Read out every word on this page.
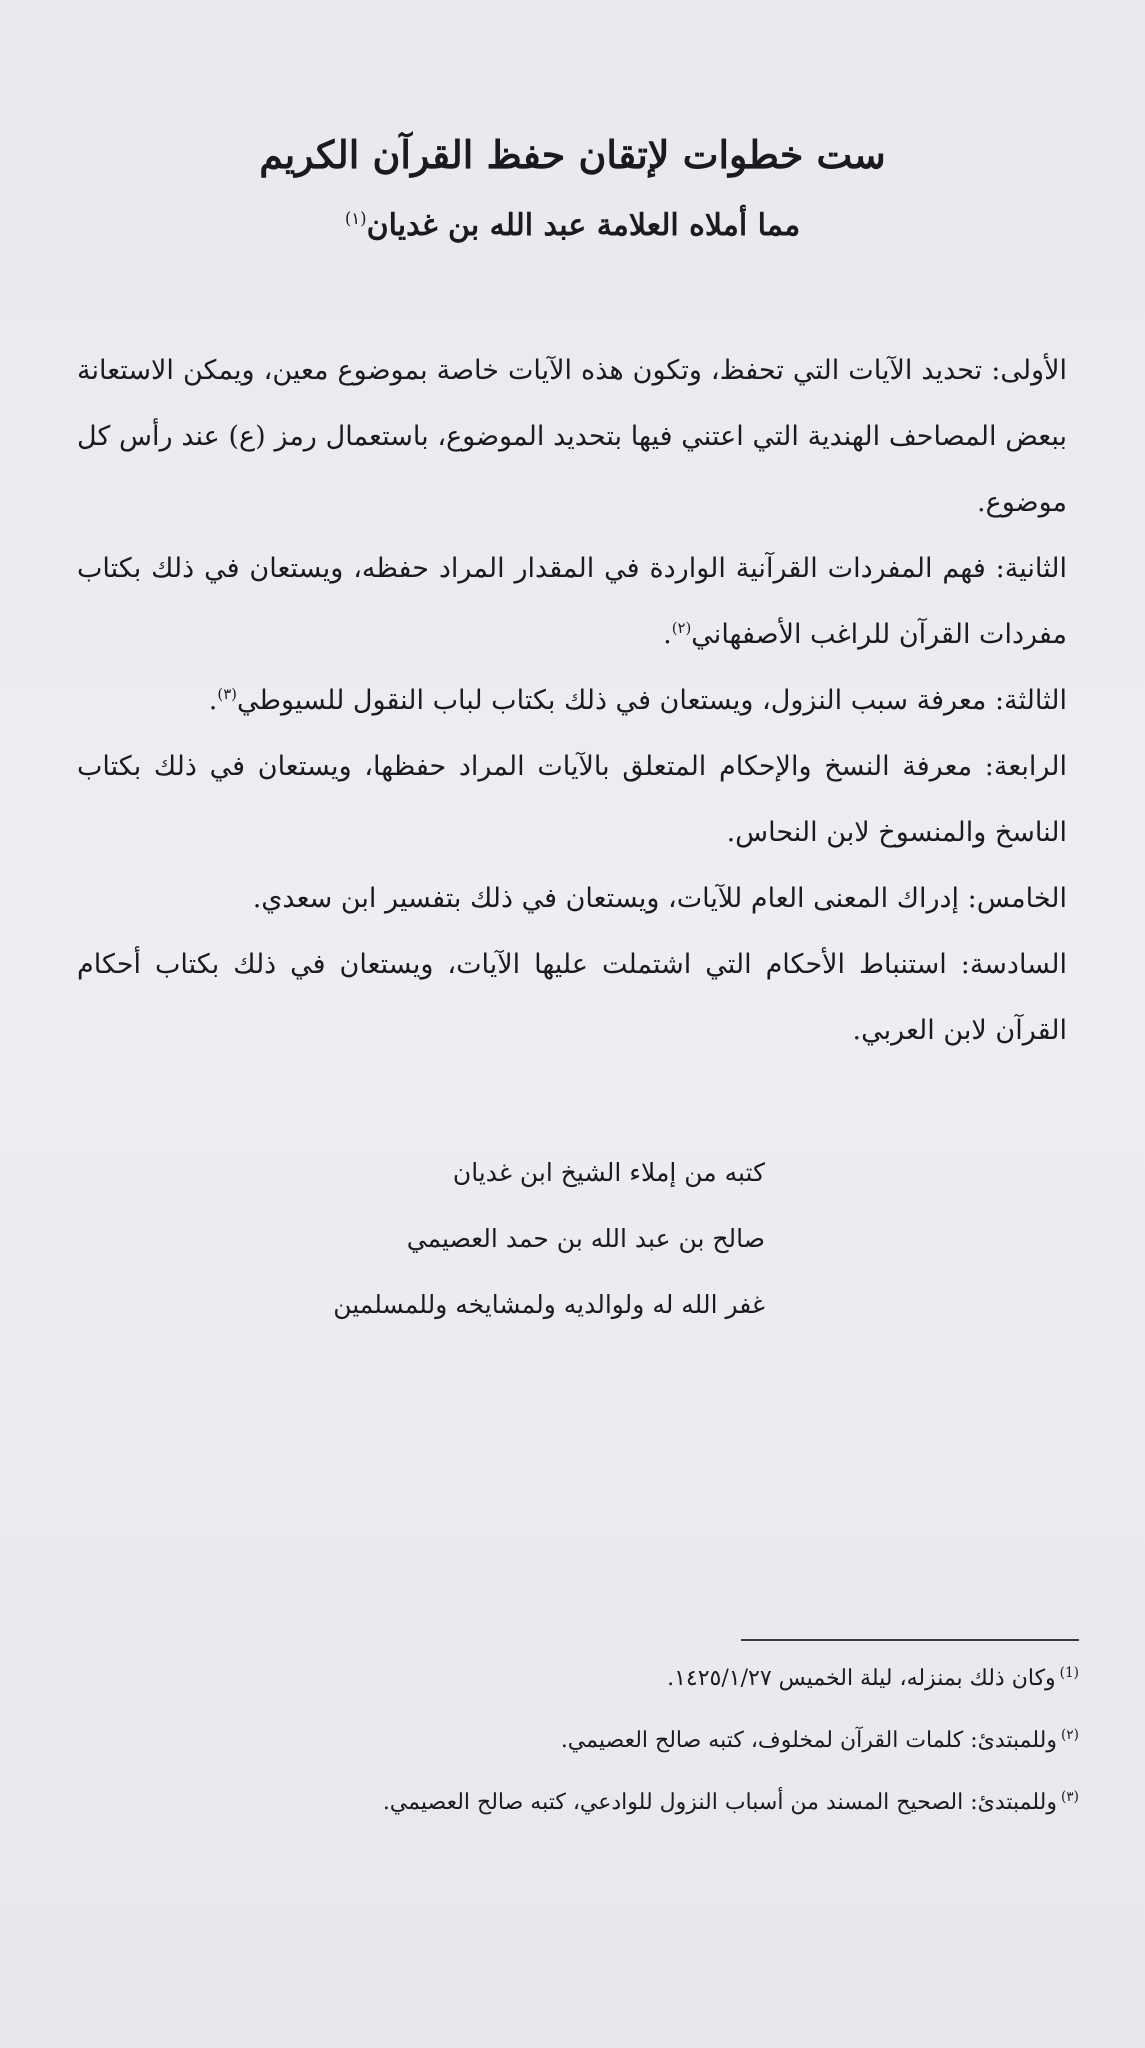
ست خطوات لإتقان حفظ القرآن الكريم
مما أملاه العلامة عبد الله بن غديان$^{(١)}$

الأولى: تحديد الآيات التي تحفظ، وتكون هذه الآيات خاصة بموضوع معين، ويمكن الاستعانة ببعض المصاحف الهندية التي اعتني فيها بتحديد الموضوع، باستعمال رمز (ع) عند رأس كل موضوع.

الثانية: فهم المفردات القرآنية الواردة في المقدار المراد حفظه، ويستعان في ذلك بكتاب مفردات القرآن للراغب الأصفهاني$^{(٢)}$.

الثالثة: معرفة سبب النزول، ويستعان في ذلك بكتاب لباب النقول للسيوطي$^{(٣)}$.

الرابعة: معرفة النسخ والإحكام المتعلق بالآيات المراد حفظها، ويستعان في ذلك بكتاب الناسخ والمنسوخ لابن النحاس.

الخامس: إدراك المعنى العام للآيات، ويستعان في ذلك بتفسير ابن سعدي.

السادسة: استنباط الأحكام التي اشتملت عليها الآيات، ويستعان في ذلك بكتاب أحكام القرآن لابن العربي.

كتبه من إملاء الشيخ ابن غديان
صالح بن عبد الله بن حمد العصيمي
غفر الله له ولوالديه ولمشايخه وللمسلمين
$^{(1)}$وكان ذلك بمنزله، ليلة الخميس ١٤٢٥/١/٢٧.
$^{(٢)}$وللمبتدئ: كلمات القرآن لمخلوف، كتبه صالح العصيمي.
$^{(٣)}$وللمبتدئ: الصحيح المسند من أسباب النزول للوادعي، كتبه صالح العصيمي.
